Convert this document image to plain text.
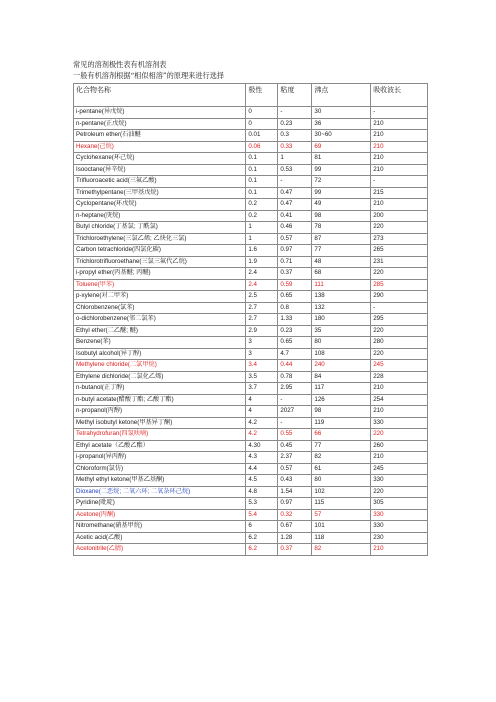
常见的溶剂极性表有机溶剂表
一般有机溶剂根据“相似相溶”的原理来进行选择
化合物名称	极性	粘度	沸点	吸收波长
i-pentane(异戊烷)	0	-	30	-
n-pentane(正戊烷)	0	0.23	36	210
Petroleum ether(石油醚	0.01	0.3	30~60	210
Hexane(己烷)	0.06	0.33	69	210
Cyclohexane(环己烷)	0.1	1	81	210
Isooctane(异辛烷)	0.1	0.53	99	210
Trifluoroacetic acid(三氟乙酸)	0.1	-	72	-
Trimethylpentane(三甲基戊烷)	0.1	0.47	99	215
Cyclopentane(环戊烷)	0.2	0.47	49	210
n-heptane(庚烷)	0.2	0.41	98	200
Butyl chloride(丁基氯; 丁酰氯)	1	0.46	78	220
Trichloroethylene(三氯乙烯; 乙炔化三氯)	1	0.57	87	273
Carbon tetrachloride(四氯化碳)	1.6	0.97	77	265
Trichlorotrifluoroethane(三氯三氟代乙烷)	1.9	0.71	48	231
i-propyl ether(丙基醚; 丙醚)	2.4	0.37	68	220
Toluene(甲苯)	2.4	0.59	111	285
p-xylene(对二甲苯)	2.5	0.65	138	290
Chlorobenzene(氯苯)	2.7	0.8	132	-
o-dichlorobenzene(邻二氯苯)	2.7	1.33	180	295
Ethyl ether(二乙醚; 醚)	2.9	0.23	35	220
Benzene(苯)	3	0.65	80	280
Isobutyl alcohol(异丁醇)	3	4.7	108	220
Methylene chloride(二氯甲烷)	3.4	0.44	240	245
Ethylene dichloride(二氯化乙烯)	3.5	0.78	84	228
n-butanol(正丁醇)	3.7	2.95	117	210
n-butyl acetate(醋酸丁酯; 乙酸丁酯)	4	-	126	254
n-propanol(丙醇)	4	2027	98	210
Methyl isobutyl ketone(甲基异丁酮)	4.2	-	119	330
Tetrahydrofuran(四氢呋喃)	4.2	0.55	66	220
Ethyl acetate（乙酸乙酯）	4.30	0.45	77	260
i-propanol(异丙醇)	4.3	2.37	82	210
Chloroform(氯仿)	4.4	0.57	61	245
Methyl ethyl ketone(甲基乙基酮)	4.5	0.43	80	330
Dioxane(二恶烷; 二氧六环; 二氧杂环己烷)	4.8	1.54	102	220
Pyridine(吡啶)	5.3	0.97	115	305
Acetone(丙酮)	5.4	0.32	57	330
Nitromethane(硝基甲烷)	6	0.67	101	330
Acetic acid(乙酸)	6.2	1.28	118	230
Acetonitrile(乙腈)	6.2	0.37	82	210
